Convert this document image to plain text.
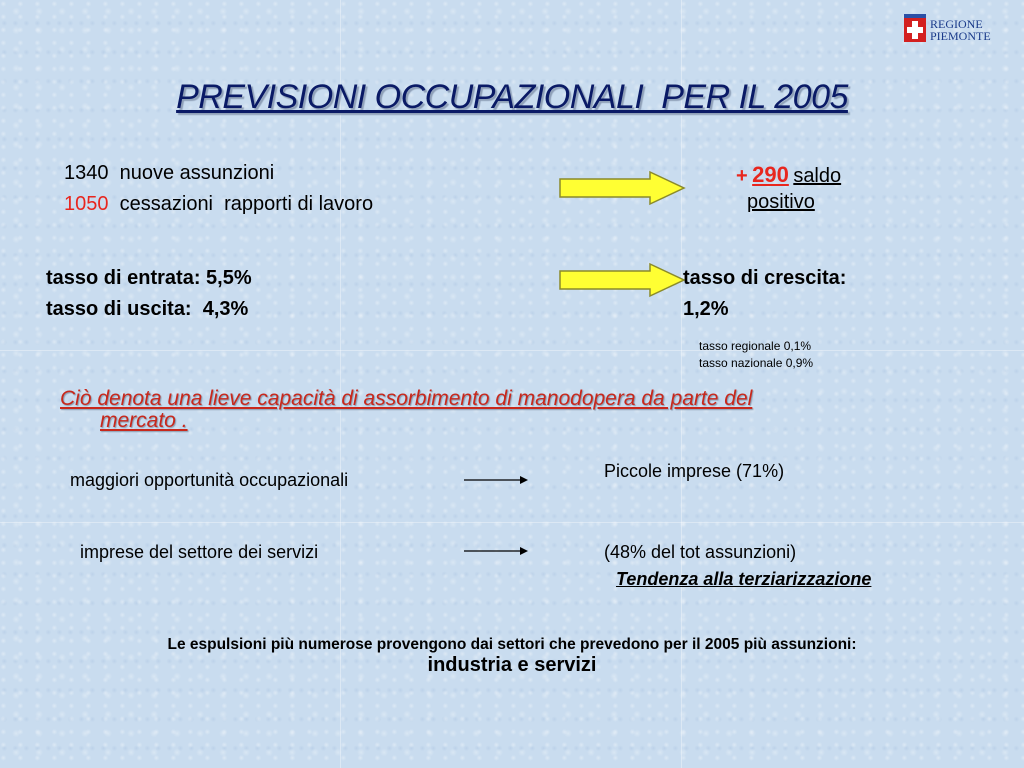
REGIONE
PIEMONTE
PREVISIONI OCCUPAZIONALI  PER IL 2005
1340 nuove assunzioni
1050 cessazioni  rapporti di lavoro
+ 290 saldo
positivo
tasso di entrata: 5,5%
tasso di uscita:  4,3%
tasso di crescita:
1,2%
tasso regionale 0,1%
tasso nazionale 0,9%
Ciò denota una lieve capacità di assorbimento di manodopera da parte del
mercato .
maggiori opportunità occupazionali	Piccole imprese (71%)
imprese del settore dei servizi	(48% del tot assunzioni)
Tendenza alla terziarizzazione
Le espulsioni più numerose provengono dai settori che prevedono per il 2005 più assunzioni:
industria e servizi
